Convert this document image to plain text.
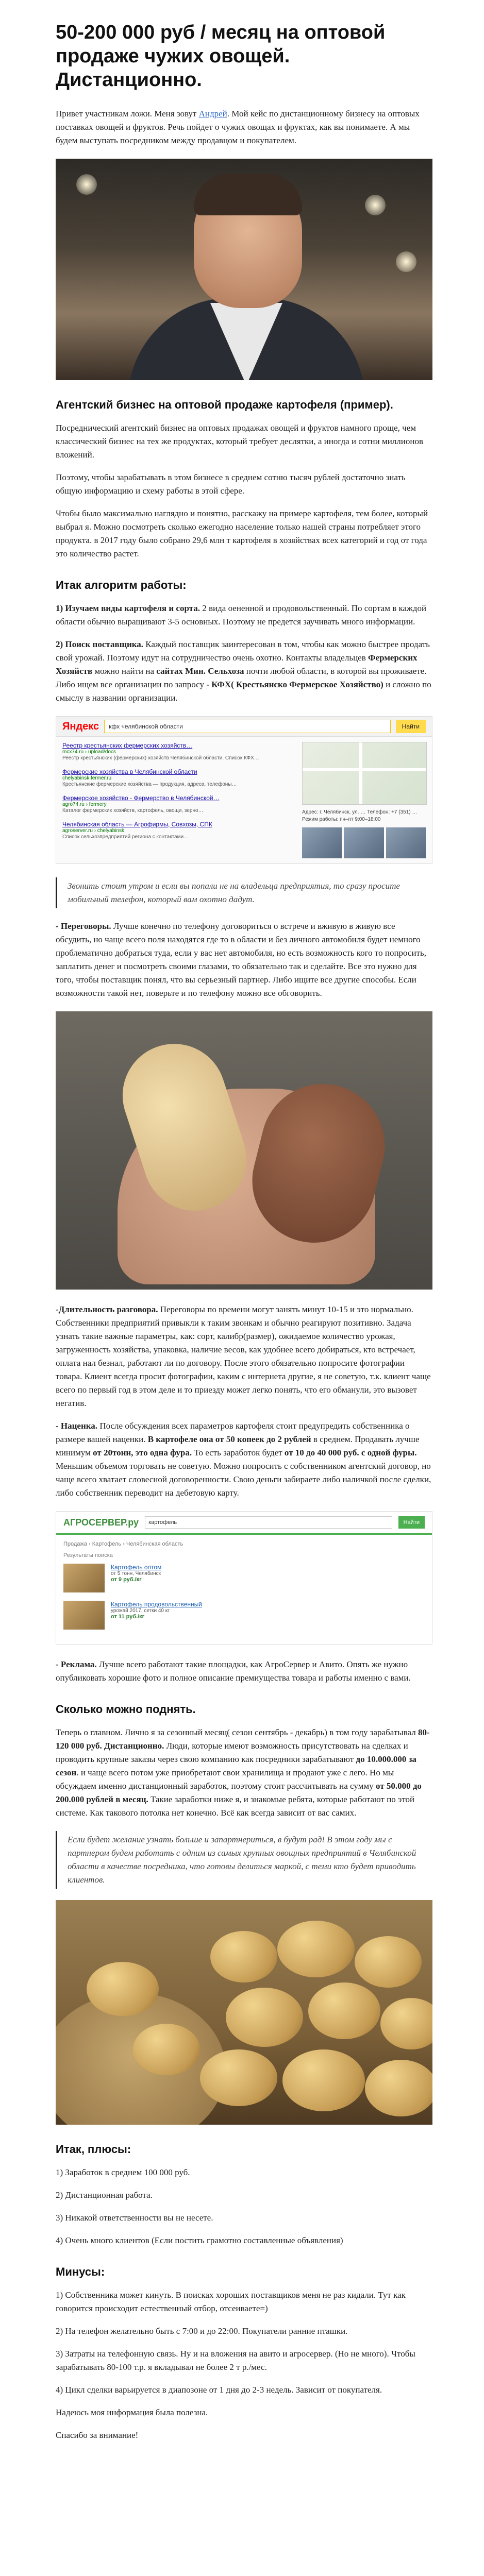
50-200 000 руб / месяц на оптовой продаже чужих овощей. Дистанционно.

Привет участникам ложи. Меня зовут Андрей. Мой кейс по дистанционному бизнесу на оптовых поставках овощей и фруктов. Речь пойдет о чужих овощах и фруктах, как вы понимаете. А мы будем выступать посредником между продавцом и покупателем.

Агентский бизнес на оптовой продаже картофеля (пример).

Посреднический агентский бизнес на оптовых продажах овощей и фруктов намного проще, чем классический бизнес на тех же продуктах, который требует деслятки, а иногда и сотни миллионов вложений.

Поэтому, чтобы зарабатывать в этом бизнесе в среднем сотню тысяч рублей достаточно знать общую информацию и схему работы в этой сфере.

Чтобы было максимально наглядно и понятно, расскажу на примере картофеля, тем более, который выбрал я. Можно посмотреть сколько ежегодно население только нашей страны потребляет этого продукта. в 2017 году было собрано 29,6 млн т картофеля в хозяйствах всех категорий и год от года это количество растет.

Итак алгоритм работы:

1) Изучаем виды картофеля и сорта. 2 вида оененной и продовольственный. По сортам в каждой области обычно выращивают 3-5 основных. Поэтому не предется заучивать много информации.

2) Поиск поставщика. Каждый поставщик заинтересован в том, чтобы как можно быстрее продать свой урожай. Поэтому идут на сотрудничество очень охотно. Контакты владельцев Фермерских Хозяйств можно найти на сайтах Мин. Сельхоза почти любой области, в которой вы проживаете. Либо ищем все организации по запросу - КФХ( Крестьянско Фермерское Хозяйство) и сложно по смыслу в названии организации.

Яндекс	кфх челябинской области	Найти
Реестр крестьянских фермерских хозяйств…
mcx74.ru › upload/docs
Реестр крестьянских (фермерских) хозяйств Челябинской области. Список КФХ…
Фермерские хозяйства в Челябинской области
chelyabinsk.fermer.ru
Крестьянские фермерские хозяйства — продукция, адреса, телефоны…
Фермерское хозяйство - Фермерство в Челябинской…
agro74.ru › fermery
Каталог фермерских хозяйств, картофель, овощи, зерно…
Челябинская область — Агрофирмы, Совхозы, СПК
agroserver.ru › chelyabinsk
Список сельхозпредприятий региона с контактами…
Адрес: г. Челябинск, ул. … Телефон: +7 (351) … Режим работы: пн–пт 9:00–18:00
Звонить стоит утром и если вы попали не на владельца предприятия, то сразу просите мобильный телефон, который вам охотно дадут.

- Переговоры. Лучше конечно по телефону договориться о встрече и вживую в живую все обсудить, но чаще всего поля находятся где то в области и без личного автомобиля будет немного проблематично добраться туда, если у вас нет автомобиля, но есть возможность кого то попросить, заплатить денег и посмотреть своими глазами, то обязательно так и сделайте. Все это нужно для того, чтобы поставщик понял, что вы серьезный партнер. Либо ищите все другие способы. Если возможности такой нет, поверьте и по телефону можно все обговорить.

-Длительность разговора. Переговоры по времени могут занять минут 10-15 и это нормально. Собственники предприятий привыкли к таким звонкам и обычно реагируют позитивно. Задача узнать такие важные параметры, как: сорт, калибр(размер), ожидаемое количество урожая, загруженность хозяйства, упаковка, наличие весов, как удобнее всего добираться, кто встречает, оплата нал безнал, работают ли по договору. После этого обязательно попросите фотографии товара. Клиент всегда просит фотографии, каким с интернета другие, я не советую, т.к. клиент чаще всего по первый год в этом деле и то приезду может легко понять, что его обманули, это вызовет негатив.

- Наценка. После обсуждения всех параметров картофеля стоит предупредить собственника о размере вашей наценки. В картофеле она от 50 копеек до 2 рублей в среднем. Продавать лучше минимум от 20тонн, это одна фура. То есть заработок будет от 10 до 40 000 руб. с одной фуры. Меньшим объемом торговать не советую. Можно попросить с собственником агентский договор, но чаще всего хватает словесной договоренности. Свою деньги забираете либо наличкой после сделки, либо собственник переводит на дебетовую карту.

АГРОСЕРВЕР.ру	картофель	Найти
Продажа › Картофель › Челябинская область
Результаты поиска
Картофель оптом
от 5 тонн, Челябинск
от 9 руб./кг
Картофель продовольственный
урожай 2017, сетки 40 кг
от 11 руб./кг

- Реклама. Лучше всего работают такие площадки, как АгроСервер и Авито. Опять же нужно опубликовать хорошие фото и полное описание премиущества товара и работы именно с вами.

Сколько можно поднять.

Теперь о главном. Лично я за сезонный месяц( сезон сентябрь - декабрь) в том году зарабатывал 80-120 000 руб. Дистанционно. Люди, которые имеют возможность присутствовать на сделках и проводить крупные заказы через свою компанию как посредники зарабатывают до 10.000.000 за сезон. и чаще всего потом уже приобретают свои хранилища и продают уже с лего. Но мы обсуждаем именно дистанционный заработок, поэтому стоит рассчитывать на сумму от 50.000 до 200.000 рублей в месяц. Такие заработки ниже я, и знакомые ребята, которые работают по этой системе. Как такового потолка нет конечно. Всё как всегда зависит от вас самих.

Если будет желание узнать больше и запартнериться, в будут рад! В этом году мы с партнером будем работать с одним из самых крупных овощных предприятий в Челябинской области в качестве посредника, что готовы делиться маркой, с теми кто будет приводить клиентов.
Итак, плюсы:
1) Заработок в среднем 100 000 руб.
2) Дистанционная работа.
3) Никакой ответственности вы не несете.
4) Очень много клиентов (Если постить грамотно составленные объявления)
Минусы:
1) Собственника может кинуть. В поисках хороших поставщиков меня не раз кидали. Тут как говорится происходит естественный отбор, отсеиваете=)
2) На телефон желательно быть с 7:00 и до 22:00. Покупатели ранние пташки.
3) Затраты на телефонную связь. Ну и на вложения на авито и агросервер. (Но не много). Чтобы зарабатывать 80-100 т.р. я вкладывал не более 2 т р./мес.
4) Цикл сделки варьируется в диапозоне от 1 дня до 2-3 недель. Зависит от покупателя.

Надеюсь моя информация была полезна.

Спасибо за внимание!
